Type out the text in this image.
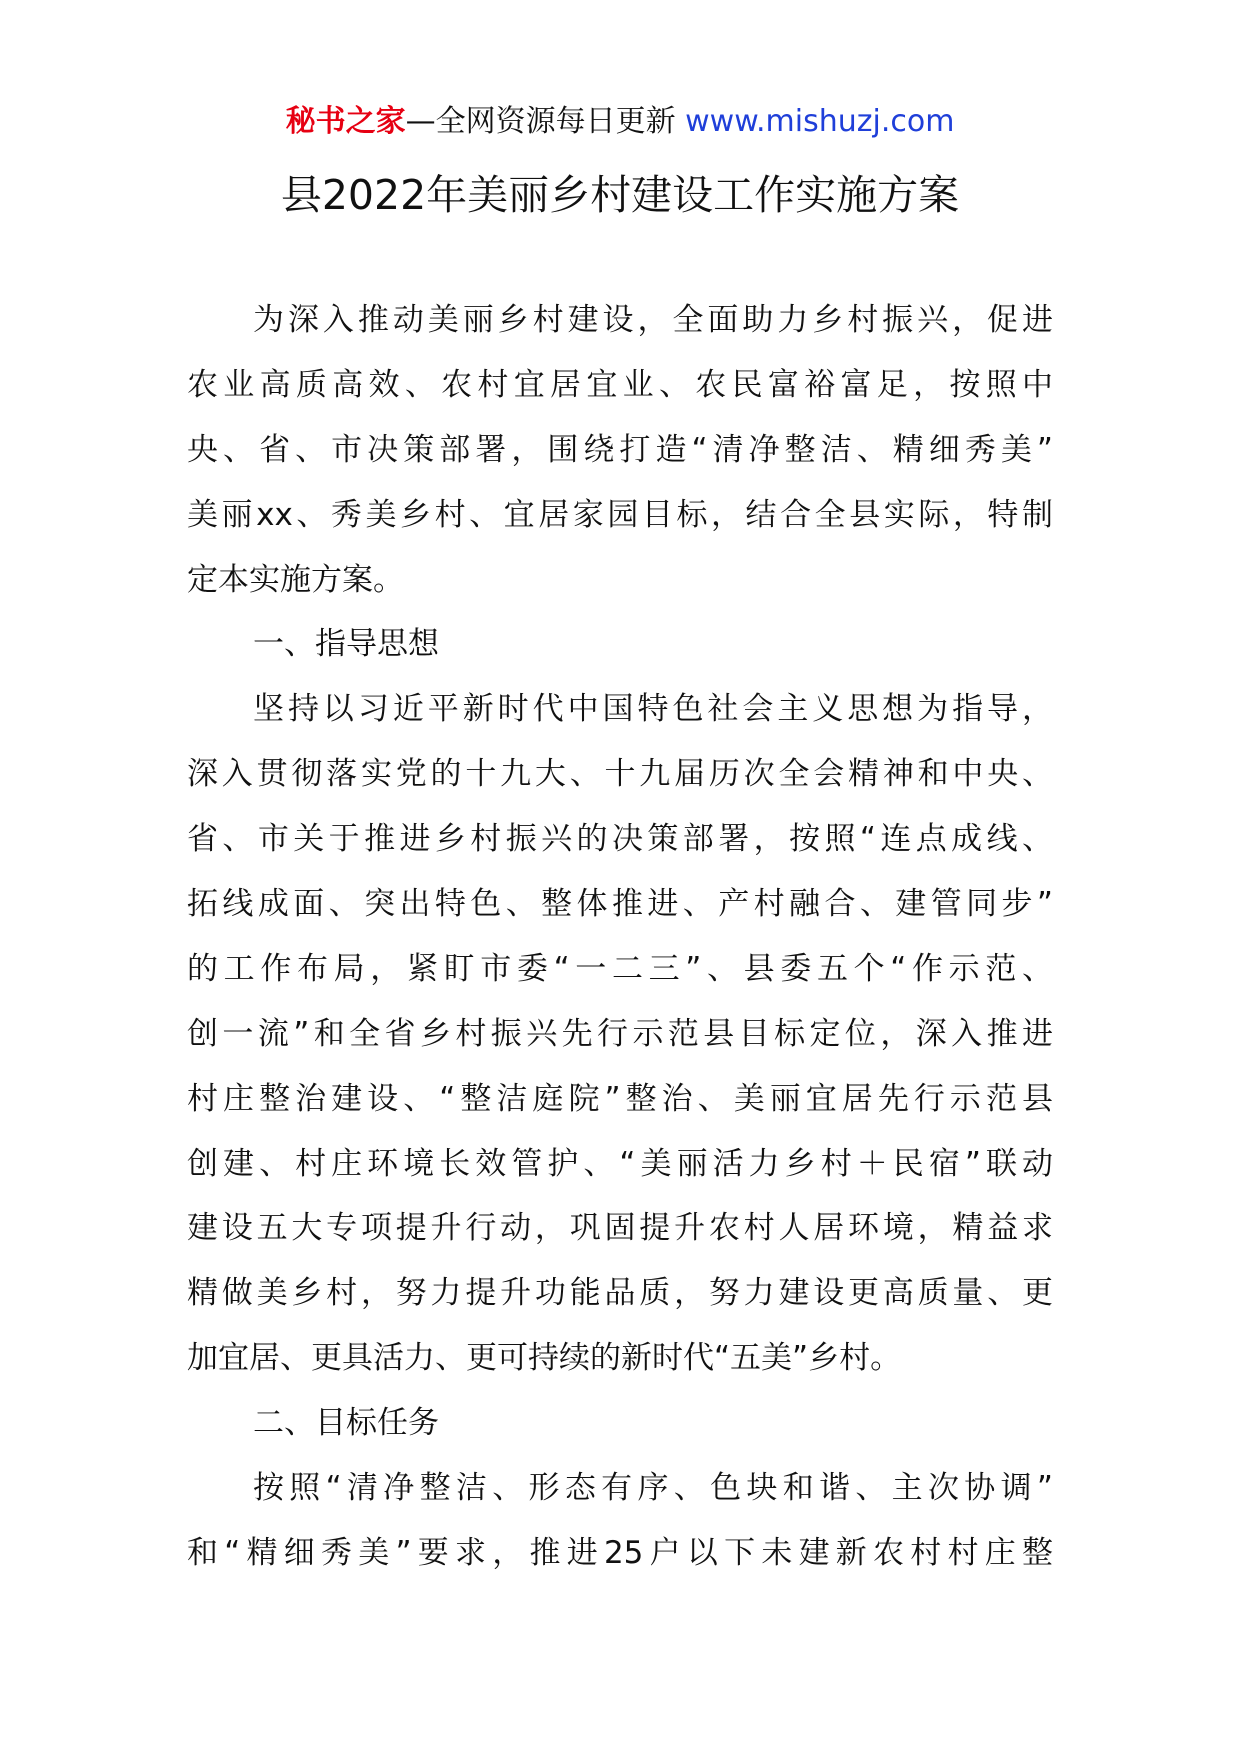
秘书之家—全网资源每日更新 www.mishuzj.com
县2022年美丽乡村建设工作实施方案
为深入推动美丽乡村建设，全面助力乡村振兴，促进
农业高质高效、农村宜居宜业、农民富裕富足，按照中
央、省、市决策部署，围绕打造“清净整洁、精细秀美”
美丽xx、秀美乡村、宜居家园目标，结合全县实际，特制
定本实施方案。
一、指导思想
坚持以习近平新时代中国特色社会主义思想为指导，
深入贯彻落实党的十九大、十九届历次全会精神和中央、
省、市关于推进乡村振兴的决策部署，按照“连点成线、
拓线成面、突出特色、整体推进、产村融合、建管同步”
的工作布局，紧盯市委“一二三”、县委五个“作示范、
创一流”和全省乡村振兴先行示范县目标定位，深入推进
村庄整治建设、“整洁庭院”整治、美丽宜居先行示范县
创建、村庄环境长效管护、“美丽活力乡村＋民宿”联动
建设五大专项提升行动，巩固提升农村人居环境，精益求
精做美乡村，努力提升功能品质，努力建设更高质量、更
加宜居、更具活力、更可持续的新时代“五美”乡村。
二、目标任务
按照“清净整洁、形态有序、色块和谐、主次协调”
和“精细秀美”要求，推进25户以下未建新农村村庄整
